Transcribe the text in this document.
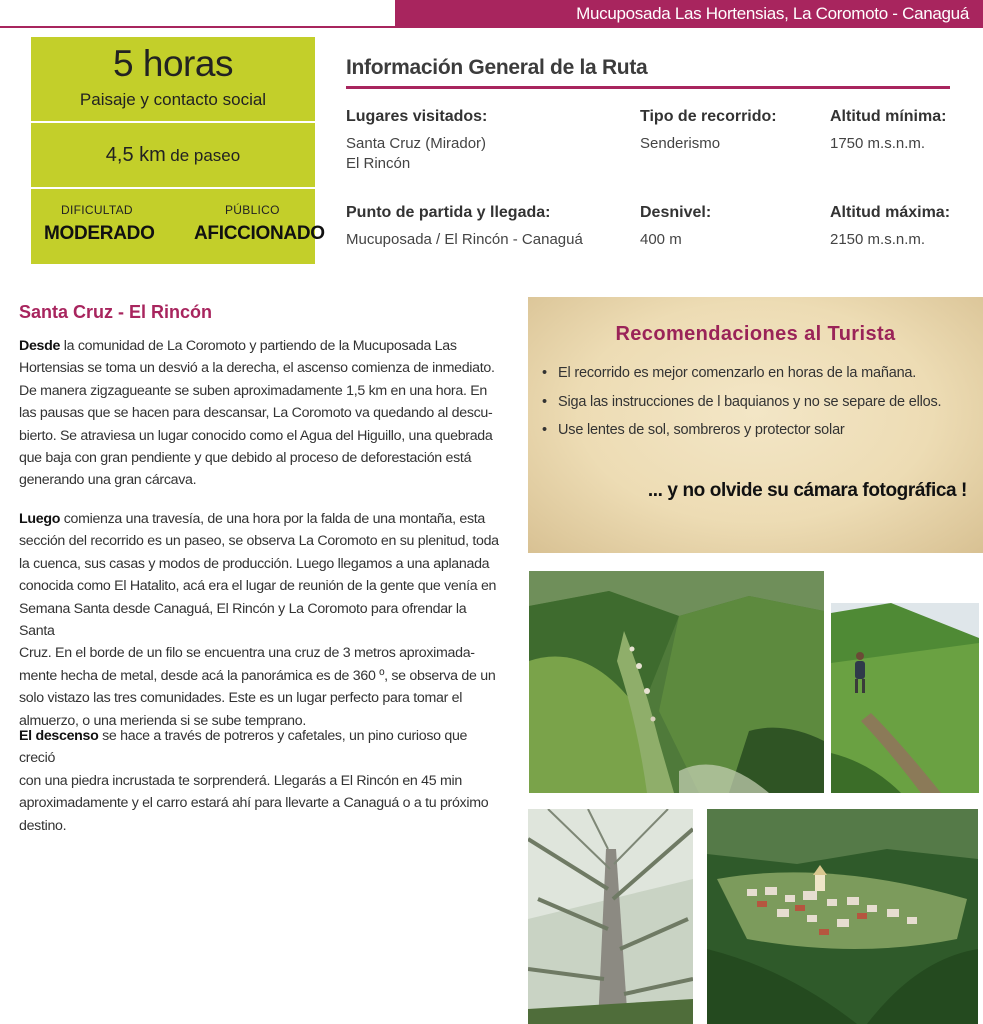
Mucuposada Las Hortensias, La Coromoto - Canaguá
5 horas
Paisaje y contacto social
4,5 km de paseo
DIFICULTAD
MODERADO
PÚBLICO
AFICCIONADO
Información General de la Ruta
Lugares visitados:
Santa Cruz (Mirador)
El Rincón
Tipo de recorrido:
Senderismo
Altitud mínima:
1750 m.s.n.m.
Punto de partida y llegada:
Mucuposada / El Rincón - Canaguá
Desnivel:
400 m
Altitud máxima:
2150 m.s.n.m.
Santa Cruz - El Rincón
Desde la comunidad de La Coromoto y partiendo de la Mucuposada Las
Hortensias se toma un desvió a la derecha, el ascenso comienza de inmediato.
De manera zigzagueante se suben aproximadamente 1,5 km en una hora. En
las pausas que se hacen para descansar, La Coromoto va quedando al descu-
bierto. Se atraviesa un lugar conocido como el Agua del Higuillo, una quebrada
que baja con gran pendiente y que debido al proceso de deforestación está
generando una gran cárcava.
Luego comienza una travesía, de una hora por la falda de una montaña, esta
sección del recorrido es un paseo, se observa La Coromoto en su plenitud, toda
la cuenca, sus casas y modos de producción. Luego llegamos a una aplanada
conocida como El Hatalito, acá era el lugar de reunión de la gente que venía en
Semana Santa desde Canaguá, El Rincón y La Coromoto para ofrendar la Santa
Cruz. En el borde de un filo se encuentra una cruz de 3 metros aproximada-
mente hecha de metal, desde acá la panorámica es de 360 º, se observa de un
solo vistazo las tres comunidades. Este es un lugar perfecto para tomar el
almuerzo, o una merienda si se sube temprano.
El descenso se hace a través de potreros y cafetales, un pino curioso que creció
con una piedra incrustada te sorprenderá. Llegarás a El Rincón en 45 min
aproximadamente y el carro estará ahí para llevarte a Canaguá o a tu próximo
destino.
Recomendaciones al Turista
• El recorrido es mejor comenzarlo en horas de la mañana.
• Siga las instrucciones de l baquianos y no se separe de ellos.
• Use lentes de sol, sombreros y protector solar
... y no olvide su cámara fotográfica !
